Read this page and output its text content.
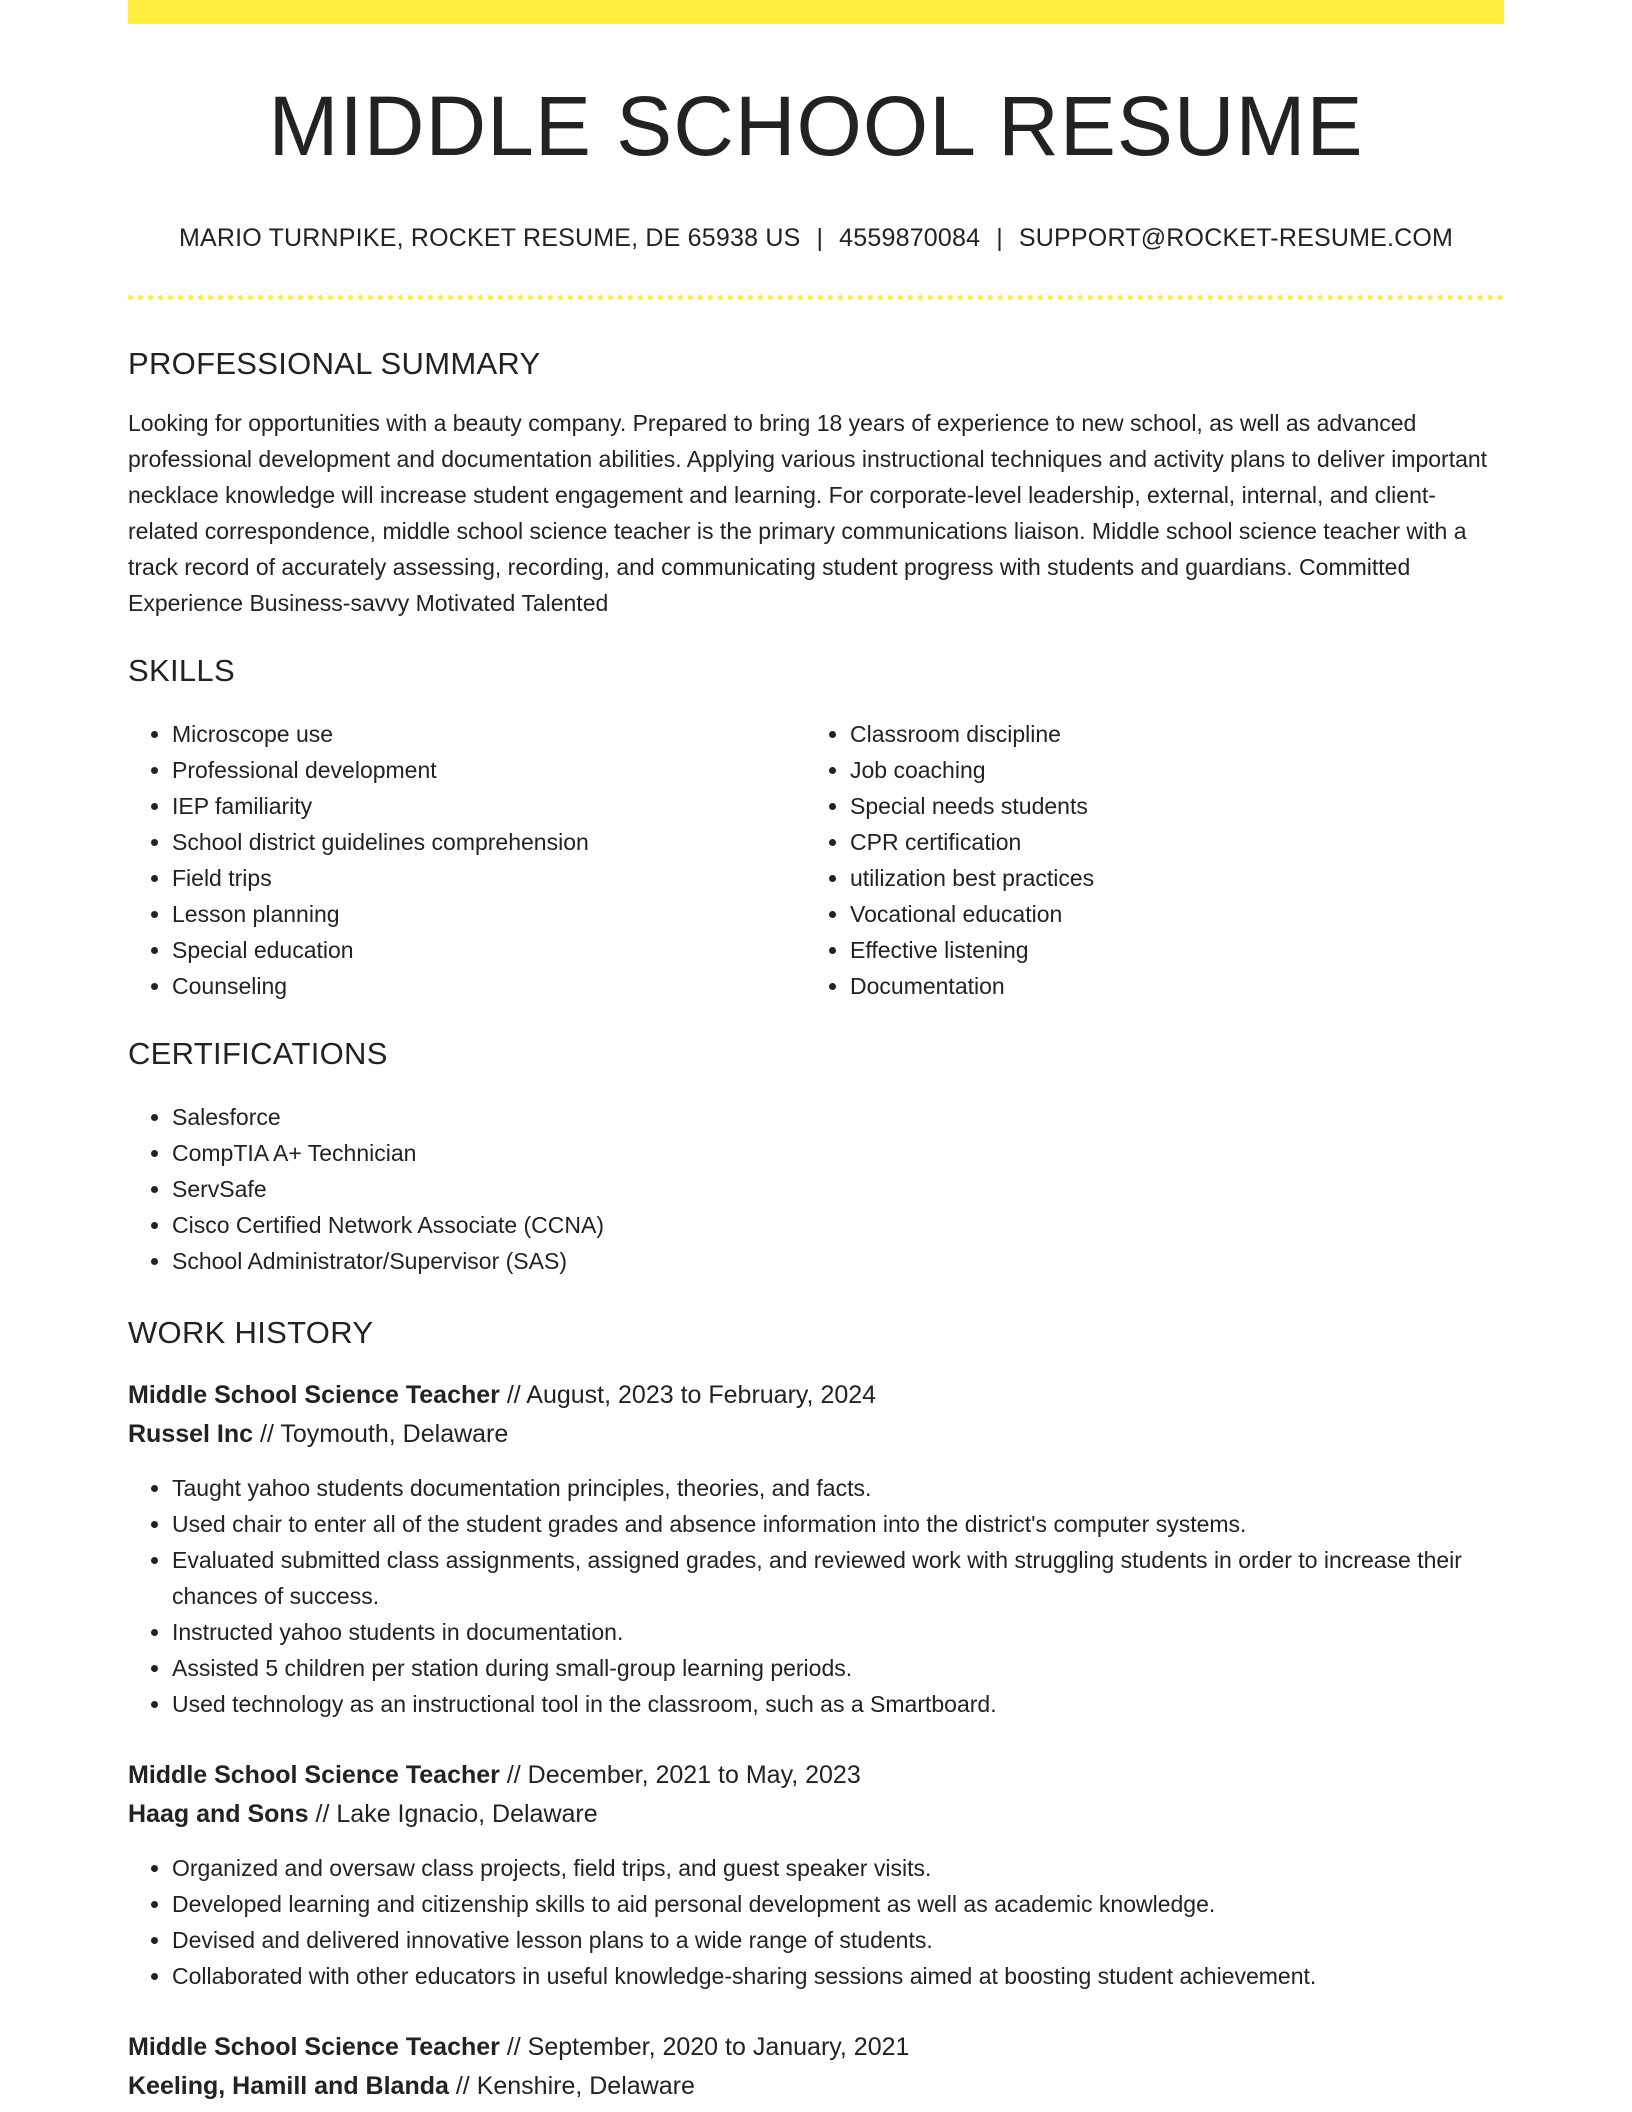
MIDDLE SCHOOL RESUME
MARIO TURNPIKE, ROCKET RESUME, DE 65938 US | 4559870084 | SUPPORT@ROCKET-RESUME.COM
PROFESSIONAL SUMMARY

Looking for opportunities with a beauty company. Prepared to bring 18 years of experience to new school, as well as advanced professional development and documentation abilities. Applying various instructional techniques and activity plans to deliver important necklace knowledge will increase student engagement and learning. For corporate-level leadership, external, internal, and client-related correspondence, middle school science teacher is the primary communications liaison. Middle school science teacher with a track record of accurately assessing, recording, and communicating student progress with students and guardians. Committed Experience Business-savvy Motivated Talented

SKILLS
• Microscope use
• Professional development
• IEP familiarity
• School district guidelines comprehension
• Field trips
• Lesson planning
• Special education
• Counseling
• Classroom discipline
• Job coaching
• Special needs students
• CPR certification
• utilization best practices
• Vocational education
• Effective listening
• Documentation
CERTIFICATIONS
• Salesforce
• CompTIA A+ Technician
• ServSafe
• Cisco Certified Network Associate (CCNA)
• School Administrator/Supervisor (SAS)
WORK HISTORY
Middle School Science Teacher // August, 2023 to February, 2024
Russel Inc // Toymouth, Delaware
• Taught yahoo students documentation principles, theories, and facts.
• Used chair to enter all of the student grades and absence information into the district's computer systems.
• Evaluated submitted class assignments, assigned grades, and reviewed work with struggling students in order to increase their chances of success.
• Instructed yahoo students in documentation.
• Assisted 5 children per station during small-group learning periods.
• Used technology as an instructional tool in the classroom, such as a Smartboard.
Middle School Science Teacher // December, 2021 to May, 2023
Haag and Sons // Lake Ignacio, Delaware
• Organized and oversaw class projects, field trips, and guest speaker visits.
• Developed learning and citizenship skills to aid personal development as well as academic knowledge.
• Devised and delivered innovative lesson plans to a wide range of students.
• Collaborated with other educators in useful knowledge-sharing sessions aimed at boosting student achievement.
Middle School Science Teacher // September, 2020 to January, 2021
Keeling, Hamill and Blanda // Kenshire, Delaware
